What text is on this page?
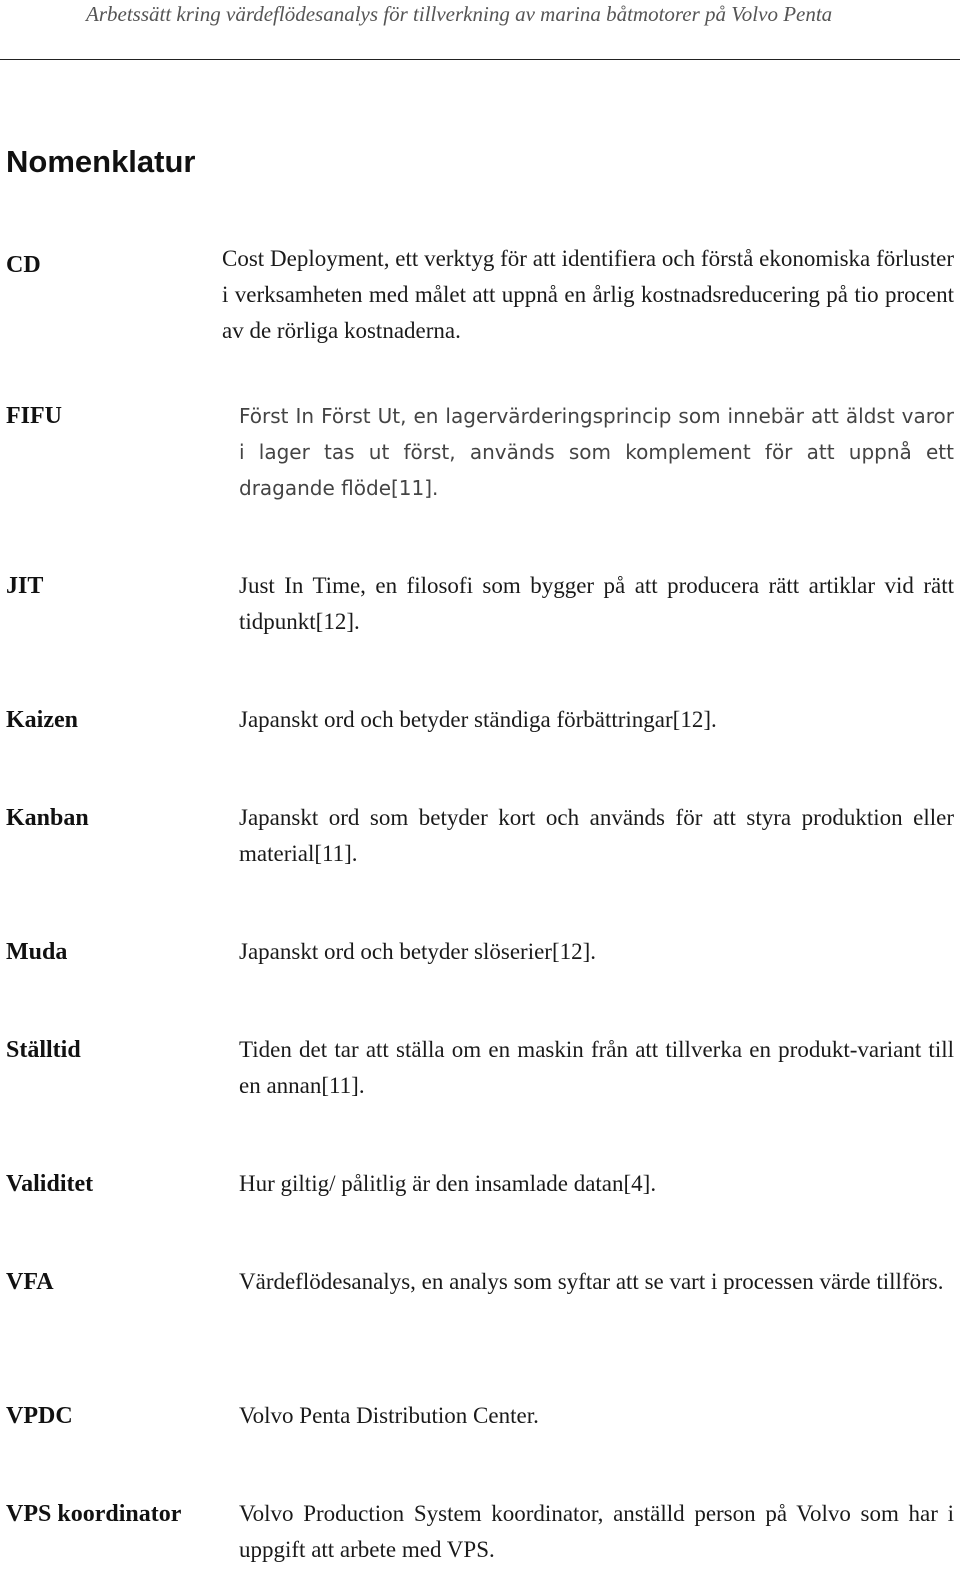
Arbetssätt kring värdeflödesanalys för tillverkning av marina båtmotorer på Volvo Penta
Nomenklatur
CD	Cost Deployment, ett verktyg för att identifiera och förstå ekonomiska förluster i verksamheten med målet att uppnå en årlig kostnadsreducering på tio procent av de rörliga kostnaderna.
FIFU	Först In Först Ut, en lagervärderingsprincip som innebär att äldst varor i lager tas ut först, används som komplement för att uppnå ett dragande flöde[11].
JIT	Just In Time, en filosofi som bygger på att producera rätt artiklar vid rätt tidpunkt[12].
Kaizen	Japanskt ord och betyder ständiga förbättringar[12].
Kanban	Japanskt ord som betyder kort och används för att styra produktion eller material[11].
Muda	Japanskt ord och betyder slöserier[12].
Ställtid	Tiden det tar att ställa om en maskin från att tillverka en produkt-variant till en annan[11].
Validitet	Hur giltig/ pålitlig är den insamlade datan[4].
VFA	Värdeflödesanalys, en analys som syftar att se vart i processen värde tillförs.
VPDC	Volvo Penta Distribution Center.
VPS koordinator	Volvo Production System koordinator, anställd person på Volvo som har i uppgift att arbete med VPS.
